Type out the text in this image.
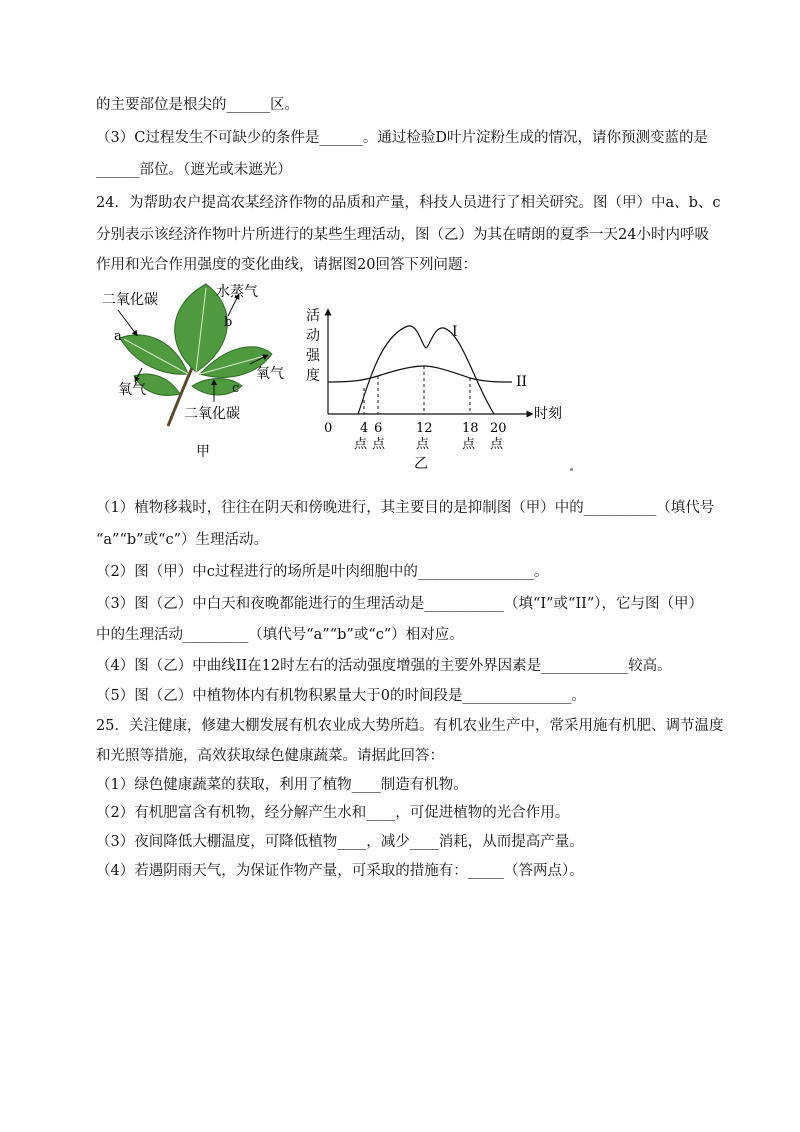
的主要部位是根尖的______区。
（3）C过程发生不可缺少的条件是______。通过检验D叶片淀粉生成的情况，请你预测变蓝的是
______部位。（遮光或未遮光）
24．为帮助农户提高农某经济作物的品质和产量，科技人员进行了相关研究。图（甲）中a、b、c
分别表示该经济作物叶片所进行的某些生理活动，图（乙）为其在晴朗的夏季一天24小时内呼吸
作用和光合作用强度的变化曲线，请据图20回答下列问题：
二氧化碳	水蒸气
a
b
氧气	c
氧气
二氧化碳
甲
活
动
强
度
时刻
I
II
0 4 6	12 18 20
点 点 点	点 点
乙
（1）植物移栽时，往往在阴天和傍晚进行，其主要目的是抑制图（甲）中的__________（填代号
“a”“b”或“c”）生理活动。
（2）图（甲）中c过程进行的场所是叶肉细胞中的________________。
（3）图（乙）中白天和夜晚都能进行的生理活动是___________（填“I”或“II”），它与图（甲）
中的生理活动_________（填代号“a”“b”或“c”）相对应。
（4）图（乙）中曲线II在12时左右的活动强度增强的主要外界因素是____________较高。
（5）图（乙）中植物体内有机物积累量大于0的时间段是_______________。
25．关注健康，修建大棚发展有机农业成大势所趋。有机农业生产中，常采用施有机肥、调节温度
和光照等措施，高效获取绿色健康蔬菜。请据此回答：
（1）绿色健康蔬菜的获取，利用了植物____制造有机物。
（2）有机肥富含有机物，经分解产生水和____，可促进植物的光合作用。
（3）夜间降低大棚温度，可降低植物____，减少____消耗，从而提高产量。
（4）若遇阴雨天气，为保证作物产量，可采取的措施有：_____（答两点）。
